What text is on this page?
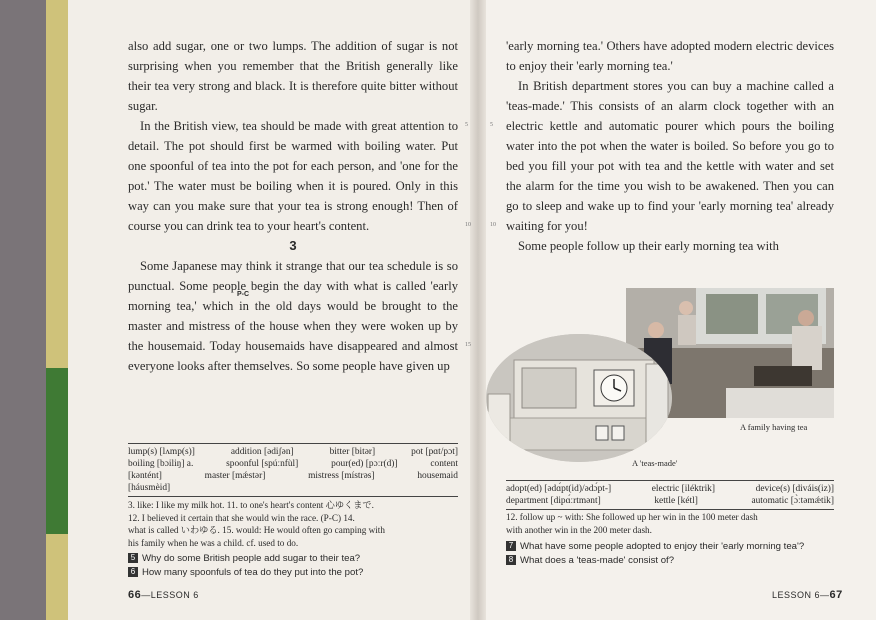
also add sugar, one or two lumps. The addition of sugar is not surprising when you remember that the British generally like their tea very strong and black. It is therefore quite bitter without sugar.

In the British view, tea should be made with great attention to detail. The pot should first be warmed with boiling water. Put one spoonful of tea into the pot for each person, and 'one for the pot.' The water must be boiling when it is poured. Only in this way can you make sure that your tea is strong enough! Then of course you can drink tea to your heart's content.

3

Some Japanese may think it strange that our tea schedule is so punctual. Some people begin the day with what is called 'early morning tea,' which in the old days would be brought to the master and mistress of the house when they were woken up by the housemaid. Today housemaids have disappeared and almost everyone looks after themselves. So some people have given up

P-C
5
10
15
lump(s) [lʌmp(s)]	addition [ədiʃən]	bitter [bitər]	pot [pɑt/pɔt]
boiling [bɔiliŋ] a.	spoonful [spúːnfùl]	pour(ed) [pɔːr(d)]	content
[kəntént]	master [mǽstər]	mistress [místrəs]	housemaid
[háusmèid]

3. like: I like my milk hot. 11. to one's heart's content 心ゆくまで.

12. I believed it certain that she would win the race. (P-C) 14.

what is called いわゆる. 15. would: He would often go camping with

his family when he was a child. cf. used to do.

5 Why do some British people add sugar to their tea?

6 How many spoonfuls of tea do they put into the pot?

66—LESSON 6

'early morning tea.' Others have adopted modern electric devices to enjoy their 'early morning tea.'

In British department stores you can buy a machine called a 'teas-made.' This consists of an alarm clock together with an electric kettle and automatic pourer which pours the boiling water into the pot when the water is boiled. So before you go to bed you fill your pot with tea and the kettle with water and set the alarm for the time you wish to be awakened. Then you can go to sleep and wake up to find your 'early morning tea' already waiting for you!

Some people follow up their early morning tea with

5
10
A family having tea
A 'teas-made'
adopt(ed) [ədɑ́pt(id)/ədɔ́pt-]	electric [iléktrik]	device(s) [diváis(iz)]
department [dipɑ́ːrtmənt]	kettle [kétl]	automatic [ɔ̀ːtəmǽtik]

12. follow up ~ with: She followed up her win in the 100 meter dash

with another win in the 200 meter dash.

7 What have some people adopted to enjoy their 'early morning tea'?

8 What does a 'teas-made' consist of?

LESSON 6—67
